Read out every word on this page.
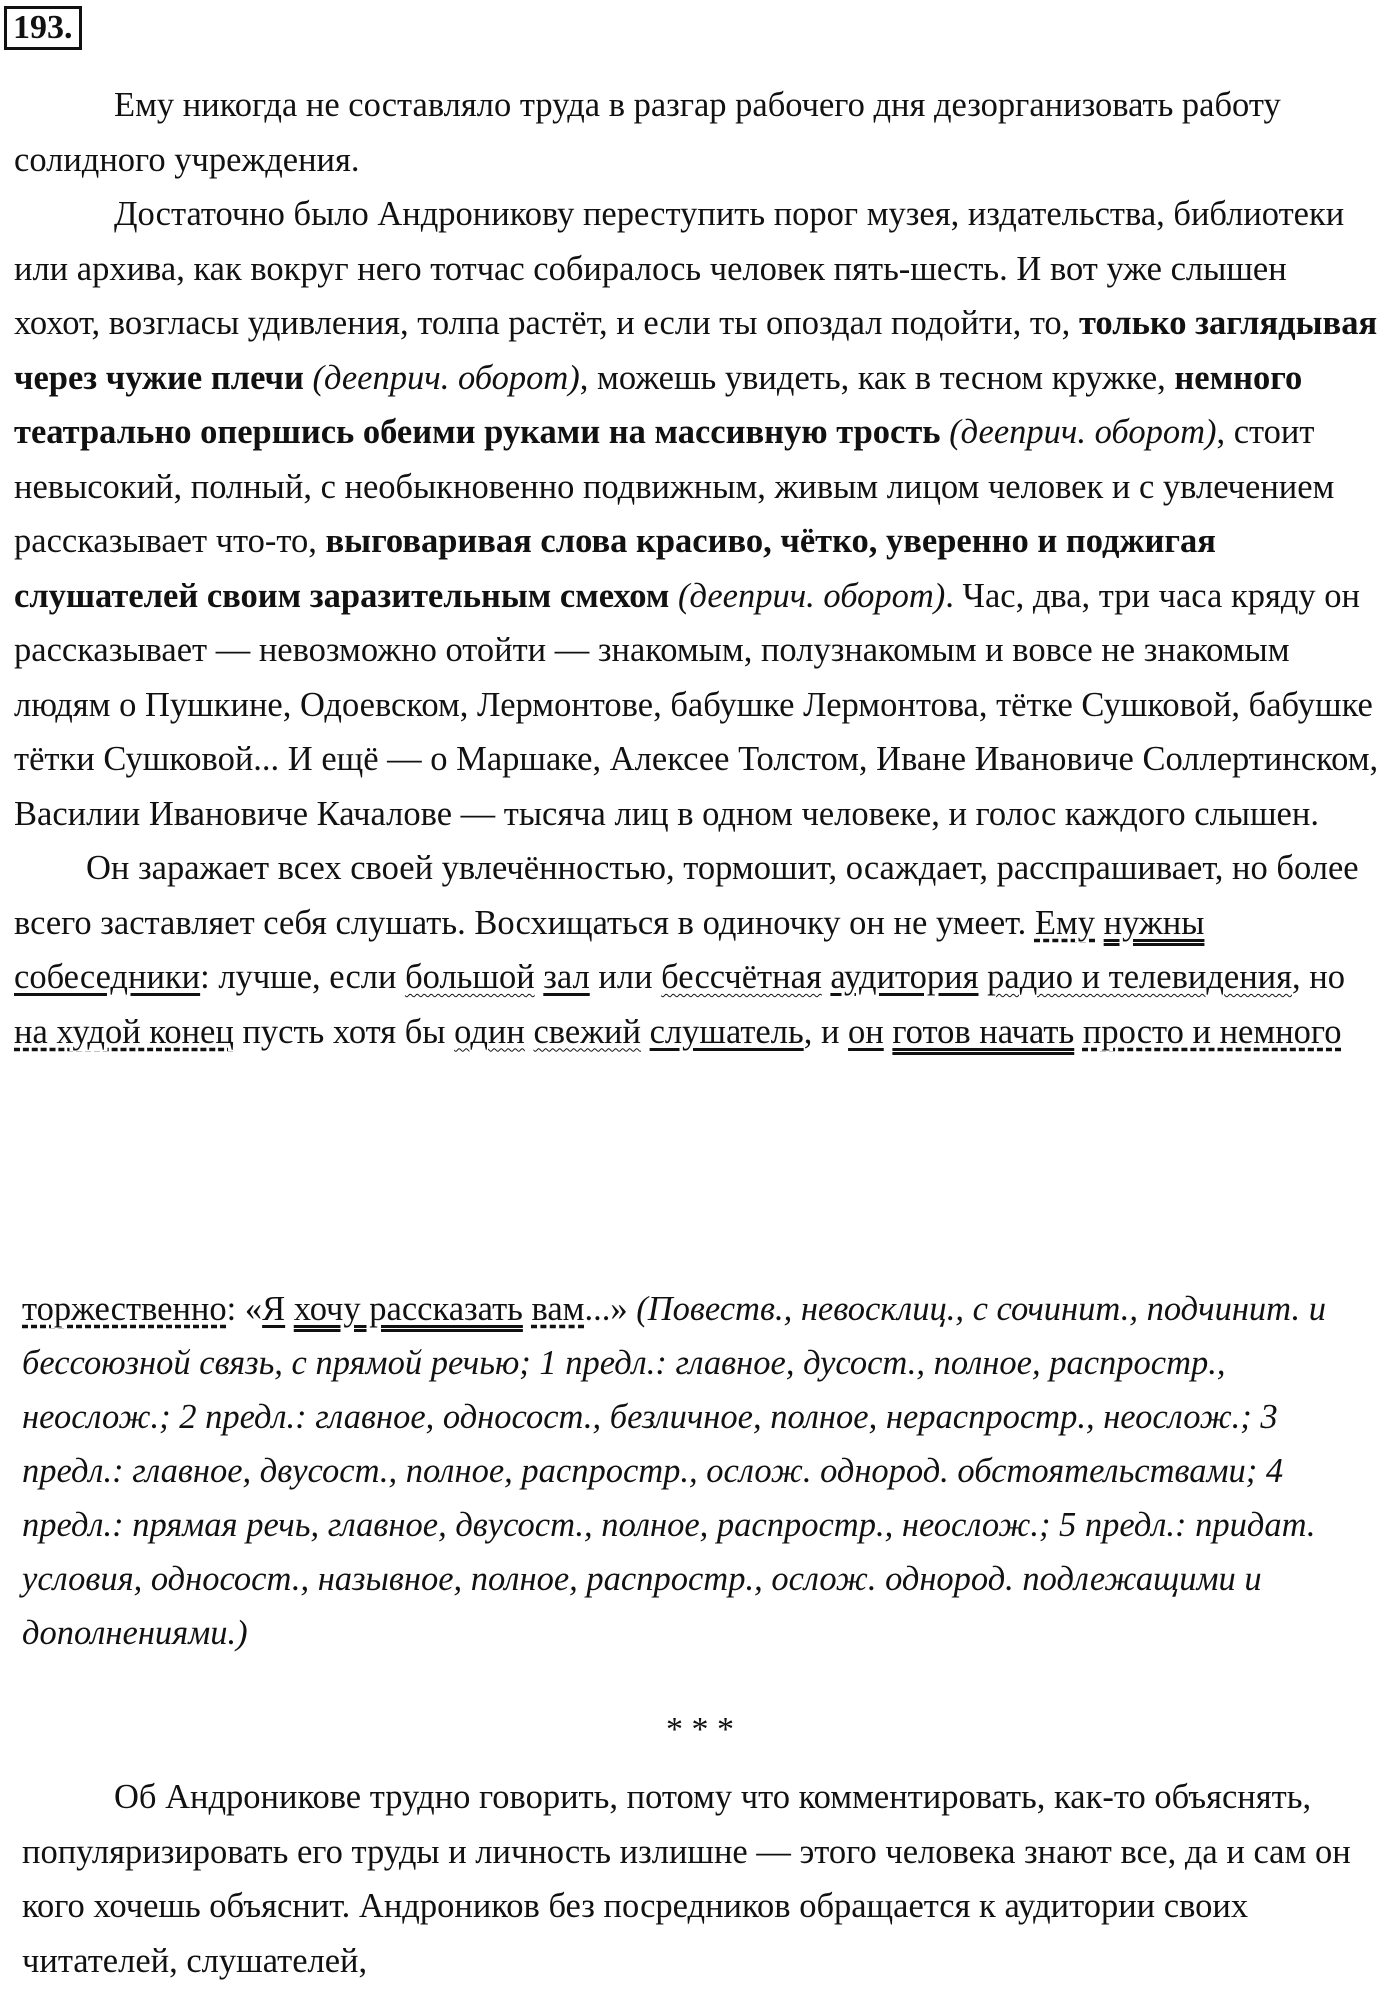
193.

Ему никогда не составляло труда в разгар рабочего дня дезорганизовать работу солидного учреждения.

Достаточно было Андроникову переступить порог музея, издательства, библиотеки или архива, как вокруг него тотчас собиралось человек пять-шесть. И вот уже слышен хохот, возгласы удивления, толпа растёт, и если ты опоздал подойти, то, только заглядывая через чужие плечи (дееприч. оборот), можешь увидеть, как в тесном кружке, немного театрально опершись обеими руками на массивную трость (дееприч. оборот), стоит невысокий, полный, с необыкновенно подвижным, живым лицом человек и с увлечением рассказывает что-то, выговаривая слова красиво, чётко, уверенно и поджигая слушателей своим заразительным смехом (дееприч. оборот). Час, два, три часа кряду он рассказывает — невозможно отойти — знакомым, полузнакомым и вовсе не знакомым людям о Пушкине, Одоевском, Лермонтове, бабушке Лермонтова, тётке Сушковой, бабушке тётки Сушковой... И ещё — о Маршаке, Алексее Толстом, Иване Ивановиче Соллертинском, Василии Ивановиче Качалове — тысяча лиц в одном человеке, и голос каждого слышен.

Он заражает всех своей увлечённостью, тормошит, осаждает, расспрашивает, но более всего заставляет себя слушать. Восхищаться в одиночку он не умеет. Ему нужны собеседники: лучше, если большой зал или бессчётная аудитория радио и телевидения, но на худой конец пусть хотя бы один свежий слушатель, и он готов начать просто и немного

торжественно: «Я хочу рассказать вам...» (Повеств., невосклиц., с сочинит., подчинит. и бессоюзной связь, с прямой речью; 1 предл.: главное, дусост., полное, распростр., неослож.; 2 предл.: главное, односост., безличное, полное, нераспростр., неослож.; 3 предл.: главное, двусост., полное, распростр., ослож. однород. обстоятельствами; 4 предл.: прямая речь, главное, двусост., полное, распростр., неослож.; 5 предл.: придат. условия, односост., назывное, полное, распростр., ослож. однород. подлежащими и дополнениями.)
* * *

Об Андроникове трудно говорить, потому что комментировать, как-то объяснять, популяризировать его труды и личность излишне — этого человека знают все, да и сам он кого хочешь объяснит. Андроников без посредников обращается к аудитории своих читателей, слушателей,
